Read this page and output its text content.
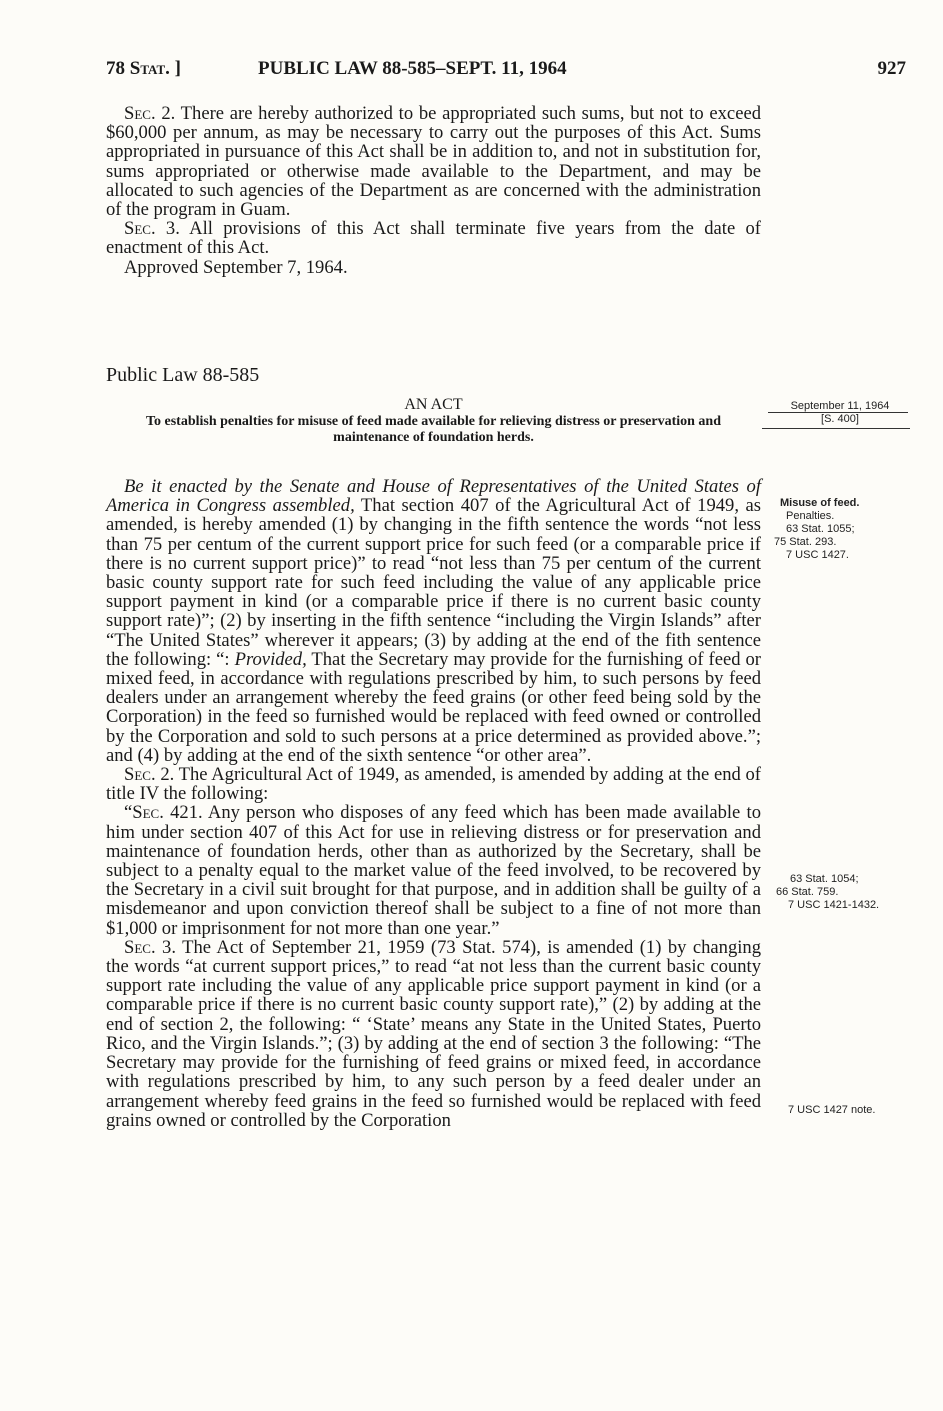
78 Stat. ]	PUBLIC LAW 88-585–SEPT. 11, 1964	927

Sec. 2. There are hereby authorized to be appropriated such sums, but not to exceed $60,000 per annum, as may be necessary to carry out the purposes of this Act. Sums appropriated in pursuance of this Act shall be in addition to, and not in substitution for, sums appropriated or otherwise made available to the Department, and may be allocated to such agencies of the Department as are concerned with the administration of the program in Guam.

Sec. 3. All provisions of this Act shall terminate five years from the date of enactment of this Act.

Approved September 7, 1964.

Public Law 88-585

AN ACT

To establish penalties for misuse of feed made available for relieving distress or preservation and maintenance of foundation herds.

September 11, 1964
[S. 400]

Be it enacted by the Senate and House of Representatives of the United States of America in Congress assembled, That section 407 of the Agricultural Act of 1949, as amended, is hereby amended (1) by changing in the fifth sentence the words “not less than 75 per centum of the current support price for such feed (or a comparable price if there is no current support price)” to read “not less than 75 per centum of the current basic county support rate for such feed including the value of any applicable price support payment in kind (or a comparable price if there is no current basic county support rate)”; (2) by inserting in the fifth sentence “including the Virgin Islands” after “The United States” wherever it appears; (3) by adding at the end of the fith sentence the following: “: Provided, That the Secretary may provide for the furnishing of feed or mixed feed, in accordance with regulations prescribed by him, to such persons by feed dealers under an arrangement whereby the feed grains (or other feed being sold by the Corporation) in the feed so furnished would be replaced with feed owned or controlled by the Corporation and sold to such persons at a price determined as provided above.”; and (4) by adding at the end of the sixth sentence “or other area”.

Sec. 2. The Agricultural Act of 1949, as amended, is amended by adding at the end of title IV the following:

“Sec. 421. Any person who disposes of any feed which has been made available to him under section 407 of this Act for use in relieving distress or for preservation and maintenance of foundation herds, other than as authorized by the Secretary, shall be subject to a penalty equal to the market value of the feed involved, to be recovered by the Secretary in a civil suit brought for that purpose, and in addition shall be guilty of a misdemeanor and upon conviction thereof shall be subject to a fine of not more than $1,000 or imprisonment for not more than one year.”

Sec. 3. The Act of September 21, 1959 (73 Stat. 574), is amended (1) by changing the words “at current support prices,” to read “at not less than the current basic county support rate including the value of any applicable price support payment in kind (or a comparable price if there is no current basic county support rate),” (2) by adding at the end of section 2, the following: “ ‘State’ means any State in the United States, Puerto Rico, and the Virgin Islands.”; (3) by adding at the end of section 3 the following: “The Secretary may provide for the furnishing of feed grains or mixed feed, in accordance with regulations prescribed by him, to any such person by a feed dealer under an arrangement whereby feed grains in the feed so furnished would be replaced with feed grains owned or controlled by the Corporation

Misuse of feed.
Penalties.
63 Stat. 1055;
75 Stat. 293.
7 USC 1427.
63 Stat. 1054;
66 Stat. 759.
7 USC 1421-1432.
7 USC 1427 note.
